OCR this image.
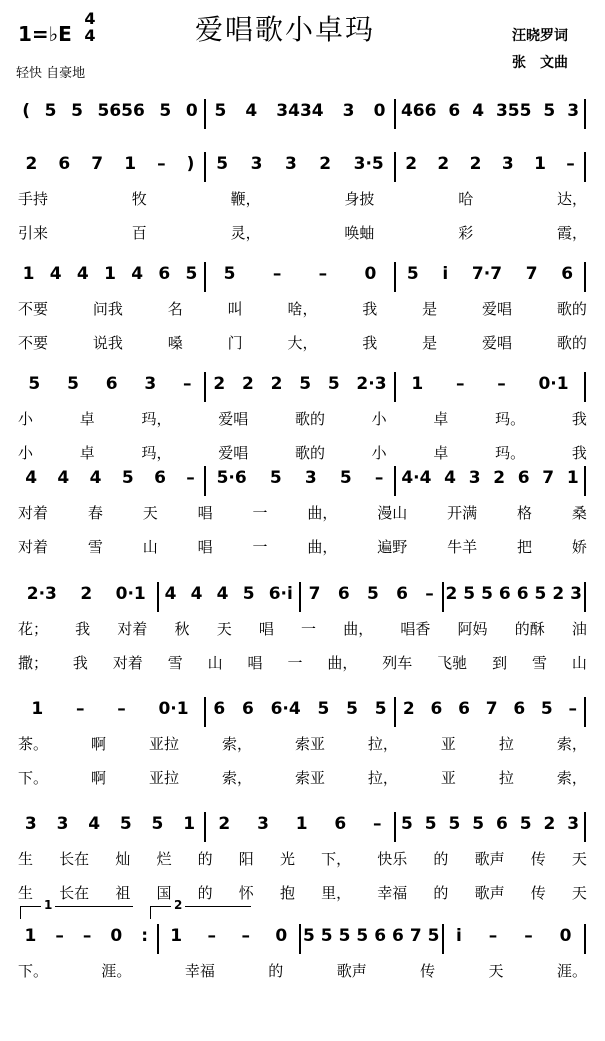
1=♭E
4
4	爱唱歌小卓玛	汪晓罗词
张　文曲
轻快 自豪地
( 5 5 5656 5 0 5 4 3434 3 0 466 6 4 355 5 3
2 6 7 1 – ) 5 3 3 2 3·5 2 2 2 3 1 –
手持	牧	鞭，	身披	哈	达，
引来	百	灵，	唤蚰	彩	霞，
1 4 4 1 4 6 5 5 – – 0 5 i 7·7 7 6
不要	问我	名	叫	啥，	我	是	爱唱	歌的
不要	说我	嗓	门	大，	我	是	爱唱	歌的
5 5 6 3 – 2 2 2 5 5 2·3 1 – – 0·1
小	卓	玛，	爱唱	歌的	小	卓	玛。	我
小	卓	玛，	爱唱	歌的	小	卓	玛。	我
4 4 4 5 6 – 5·6 5 3 5 – 4·4 4 3 2 6 7 1
对着	春	天	唱	一	曲，	漫山	开满	格	桑
对着	雪	山	唱	一	曲，	遍野	牛羊	把	娇
2·3 2 0·1 4 4 4 5 6·i 7 6 5 6 – 2 5 5 6 6 5 2 3
花； 我 对着 秋 天 唱 一 曲， 唱香 阿妈 的酥 油
撒； 我 对着 雪 山 唱 一 曲， 列车 飞驰 到 雪 山
1 – – 0·1 6 6 6·4 5 5 5 2 6 6 7 6 5 –
茶。	啊	亚拉	索，	索亚	拉，	亚	拉	索，
下。	啊	亚拉	索，	索亚	拉，	亚	拉	索，
3 3 4 5 5 1 2 3 1 6 – 5 5 5 5 6 5 2 3
生 长在 灿 烂 的 阳 光 下， 快乐 的 歌声 传 天
生 长在 祖 国 的 怀 抱 里， 幸福 的 歌声 传 天
1 – – 0 : 1 – – 0 5 5 5 5 6 6 7 5 i – – 0
下。	涯。	幸福	的	歌声	传	天	涯。
1	2
